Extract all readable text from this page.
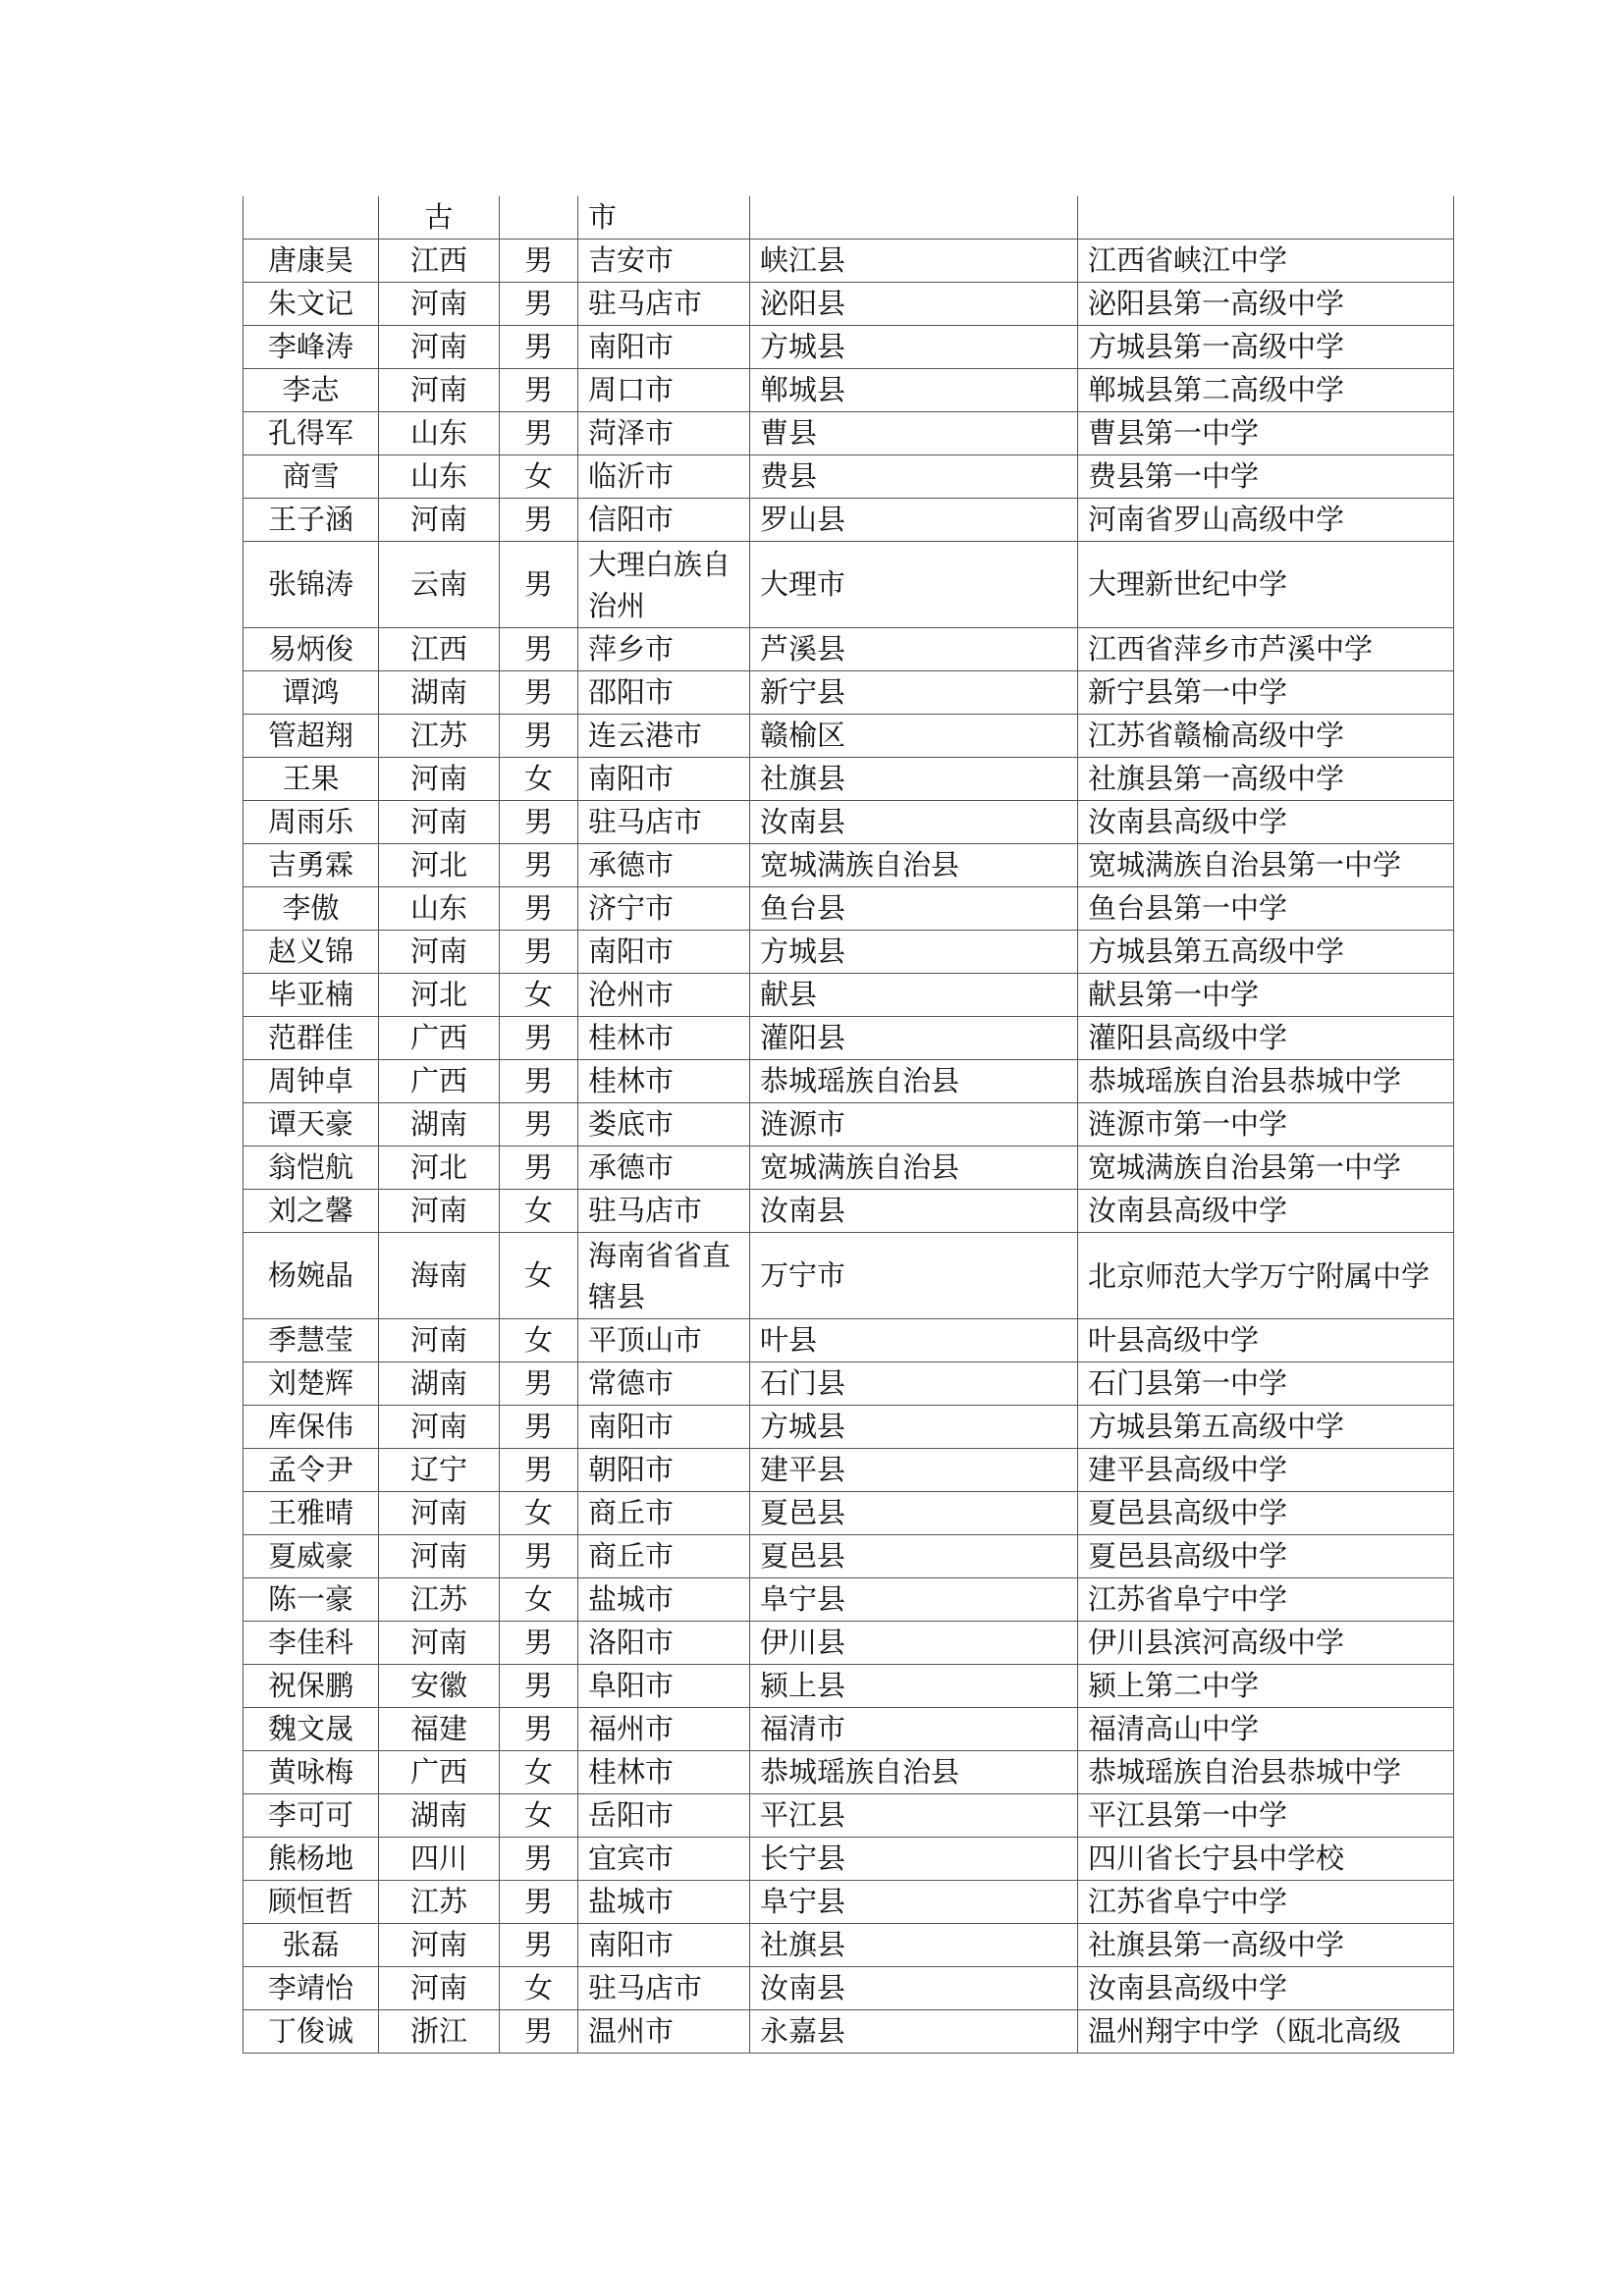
	古		市		
唐康昊	江西	男	吉安市	峡江县	江西省峡江中学
朱文记	河南	男	驻马店市	泌阳县	泌阳县第一高级中学
李峰涛	河南	男	南阳市	方城县	方城县第一高级中学
李志	河南	男	周口市	郸城县	郸城县第二高级中学
孔得军	山东	男	菏泽市	曹县	曹县第一中学
商雪	山东	女	临沂市	费县	费县第一中学
王子涵	河南	男	信阳市	罗山县	河南省罗山高级中学
张锦涛	云南	男	大理白族自治州	大理市	大理新世纪中学
易炳俊	江西	男	萍乡市	芦溪县	江西省萍乡市芦溪中学
谭鸿	湖南	男	邵阳市	新宁县	新宁县第一中学
管超翔	江苏	男	连云港市	赣榆区	江苏省赣榆高级中学
王果	河南	女	南阳市	社旗县	社旗县第一高级中学
周雨乐	河南	男	驻马店市	汝南县	汝南县高级中学
吉勇霖	河北	男	承德市	宽城满族自治县	宽城满族自治县第一中学
李傲	山东	男	济宁市	鱼台县	鱼台县第一中学
赵义锦	河南	男	南阳市	方城县	方城县第五高级中学
毕亚楠	河北	女	沧州市	献县	献县第一中学
范群佳	广西	男	桂林市	灌阳县	灌阳县高级中学
周钟卓	广西	男	桂林市	恭城瑶族自治县	恭城瑶族自治县恭城中学
谭天豪	湖南	男	娄底市	涟源市	涟源市第一中学
翁恺航	河北	男	承德市	宽城满族自治县	宽城满族自治县第一中学
刘之馨	河南	女	驻马店市	汝南县	汝南县高级中学
杨婉晶	海南	女	海南省省直辖县	万宁市	北京师范大学万宁附属中学
季慧莹	河南	女	平顶山市	叶县	叶县高级中学
刘楚辉	湖南	男	常德市	石门县	石门县第一中学
库保伟	河南	男	南阳市	方城县	方城县第五高级中学
孟令尹	辽宁	男	朝阳市	建平县	建平县高级中学
王雅晴	河南	女	商丘市	夏邑县	夏邑县高级中学
夏威豪	河南	男	商丘市	夏邑县	夏邑县高级中学
陈一豪	江苏	女	盐城市	阜宁县	江苏省阜宁中学
李佳科	河南	男	洛阳市	伊川县	伊川县滨河高级中学
祝保鹏	安徽	男	阜阳市	颍上县	颍上第二中学
魏文晟	福建	男	福州市	福清市	福清高山中学
黄咏梅	广西	女	桂林市	恭城瑶族自治县	恭城瑶族自治县恭城中学
李可可	湖南	女	岳阳市	平江县	平江县第一中学
熊杨地	四川	男	宜宾市	长宁县	四川省长宁县中学校
顾恒哲	江苏	男	盐城市	阜宁县	江苏省阜宁中学
张磊	河南	男	南阳市	社旗县	社旗县第一高级中学
李靖怡	河南	女	驻马店市	汝南县	汝南县高级中学
丁俊诚	浙江	男	温州市	永嘉县	温州翔宇中学（瓯北高级
